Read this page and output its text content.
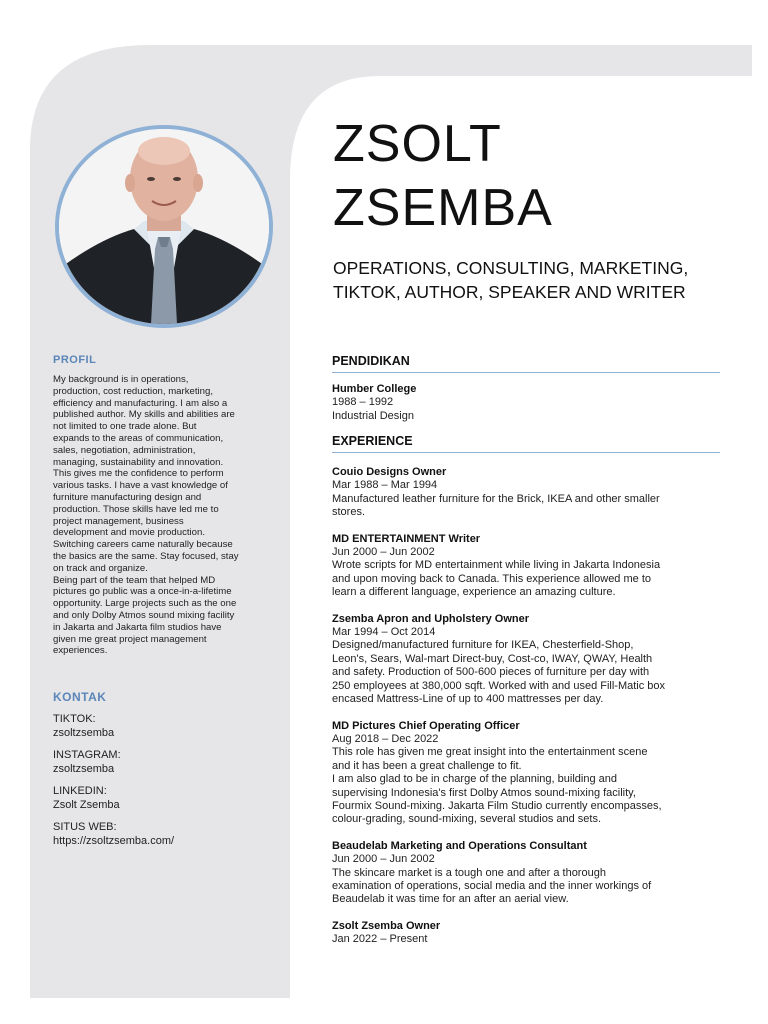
ZSOLT
ZSEMBA
OPERATIONS, CONSULTING, MARKETING, TIKTOK, AUTHOR, SPEAKER AND WRITER
PROFIL
My background is in operations,
production, cost reduction, marketing,
efficiency and manufacturing. I am also a
published author. My skills and abilities are
not limited to one trade alone. But
expands to the areas of communication,
sales, negotiation, administration,
managing, sustainability and innovation.
This gives me the confidence to perform
various tasks. I have a vast knowledge of
furniture manufacturing design and
production. Those skills have led me to
project management, business
development and movie production.
Switching careers came naturally because
the basics are the same. Stay focused, stay
on track and organize.
Being part of the team that helped MD
pictures go public was a once-in-a-lifetime
opportunity. Large projects such as the one
and only Dolby Atmos sound mixing facility
in Jakarta and Jakarta film studios have
given me great project management
experiences.
KONTAK
TIKTOK:
zsoltzsemba
INSTAGRAM:
zsoltzsemba
LINKEDIN:
Zsolt Zsemba
SITUS WEB:
https://zsoltzsemba.com/
PENDIDIKAN
Humber College
1988 – 1992
Industrial Design
EXPERIENCE
Couio Designs Owner
Mar 1988 – Mar 1994
Manufactured leather furniture for the Brick, IKEA and other smaller
stores.
MD ENTERTAINMENT Writer
Jun 2000 – Jun 2002
Wrote scripts for MD entertainment while living in Jakarta Indonesia
and upon moving back to Canada. This experience allowed me to
learn a different language, experience an amazing culture.
Zsemba Apron and Upholstery Owner
Mar 1994 – Oct 2014
Designed/manufactured furniture for IKEA, Chesterfield-Shop,
Leon's, Sears, Wal-mart Direct-buy, Cost-co, IWAY, QWAY, Health
and safety. Production of 500-600 pieces of furniture per day with
250 employees at 380,000 sqft. Worked with and used Fill-Matic box
encased Mattress-Line of up to 400 mattresses per day.
MD Pictures Chief Operating Officer
Aug 2018 – Dec 2022
This role has given me great insight into the entertainment scene
and it has been a great challenge to fit.
I am also glad to be in charge of the planning, building and
supervising Indonesia's first Dolby Atmos sound-mixing facility,
Fourmix Sound-mixing. Jakarta Film Studio currently encompasses,
colour-grading, sound-mixing, several studios and sets.
Beaudelab Marketing and Operations Consultant
Jun 2000 – Jun 2002
The skincare market is a tough one and after a thorough
examination of operations, social media and the inner workings of
Beaudelab it was time for an after an aerial view.
Zsolt Zsemba Owner
Jan 2022 – Present
